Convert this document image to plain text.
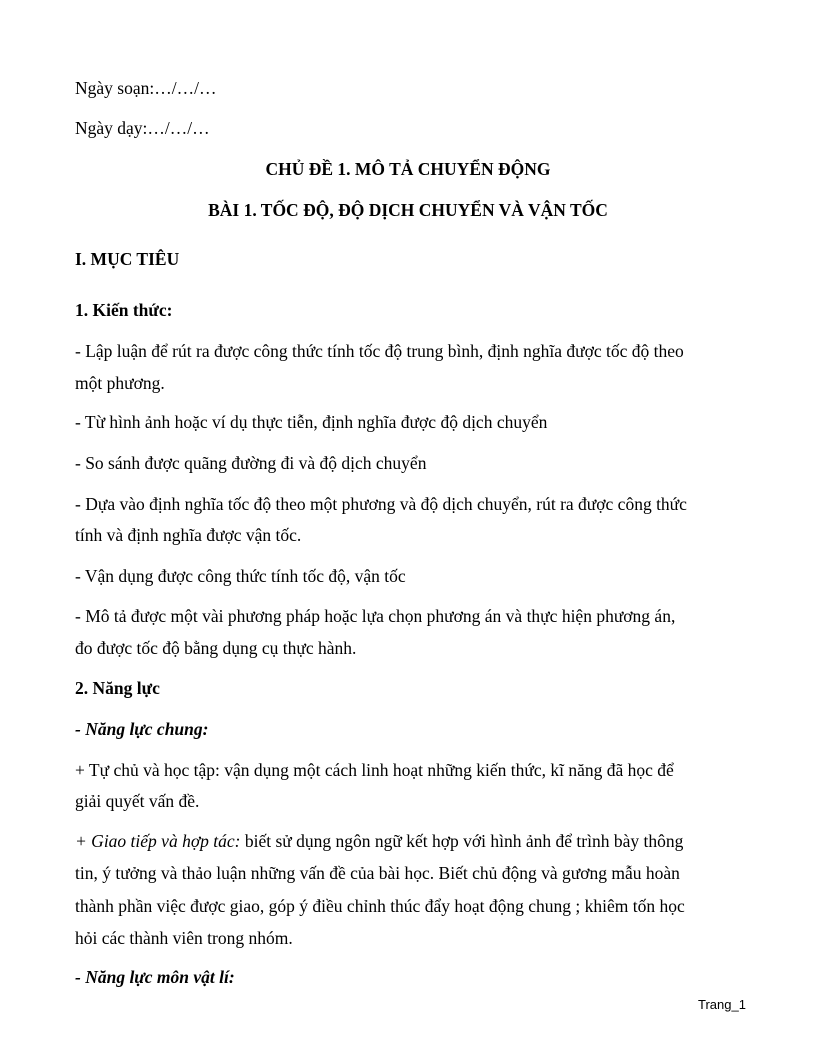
Ngày soạn:…/…/…

Ngày dạy:…/…/…

CHỦ ĐỀ 1. MÔ TẢ CHUYỂN ĐỘNG

BÀI 1. TỐC ĐỘ, ĐỘ DỊCH CHUYỂN VÀ VẬN TỐC

I. MỤC TIÊU

1. Kiến thức:

- Lập luận để rút ra được công thức tính tốc độ trung bình, định nghĩa được tốc độ theo

một phương.

- Từ hình ảnh hoặc ví dụ thực tiễn, định nghĩa được độ dịch chuyển

- So sánh được quãng đường đi và độ dịch chuyển

- Dựa vào định nghĩa tốc độ theo một phương và độ dịch chuyển, rút ra được công thức

tính và định nghĩa được vận tốc.

- Vận dụng được công thức tính tốc độ, vận tốc

- Mô tả được một vài phương pháp hoặc lựa chọn phương án và thực hiện phương án,

đo được tốc độ bằng dụng cụ thực hành.

2. Năng lực

- Năng lực chung:

+ Tự chủ và học tập: vận dụng một cách linh hoạt những kiến thức, kĩ năng đã học để

giải quyết vấn đề.

+ Giao tiếp và hợp tác: biết sử dụng ngôn ngữ kết hợp với hình ảnh để trình bày thông

tin, ý tưởng và thảo luận những vấn đề của bài học. Biết chủ động và gương mẫu hoàn

thành phần việc được giao, góp ý điều chỉnh thúc đẩy hoạt động chung ; khiêm tốn học

hỏi các thành viên trong nhóm.

- Năng lực môn vật lí:

Trang_1
